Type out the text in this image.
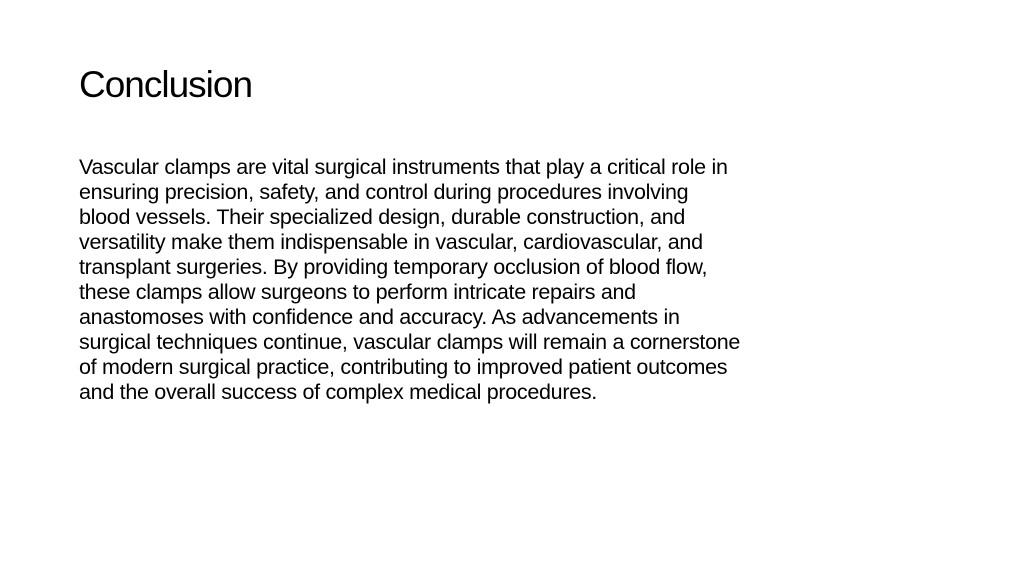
Conclusion
Vascular clamps are vital surgical instruments that play a critical role in
ensuring precision, safety, and control during procedures involving
blood vessels. Their specialized design, durable construction, and
versatility make them indispensable in vascular, cardiovascular, and
transplant surgeries. By providing temporary occlusion of blood flow,
these clamps allow surgeons to perform intricate repairs and
anastomoses with confidence and accuracy. As advancements in
surgical techniques continue, vascular clamps will remain a cornerstone
of modern surgical practice, contributing to improved patient outcomes
and the overall success of complex medical procedures.
